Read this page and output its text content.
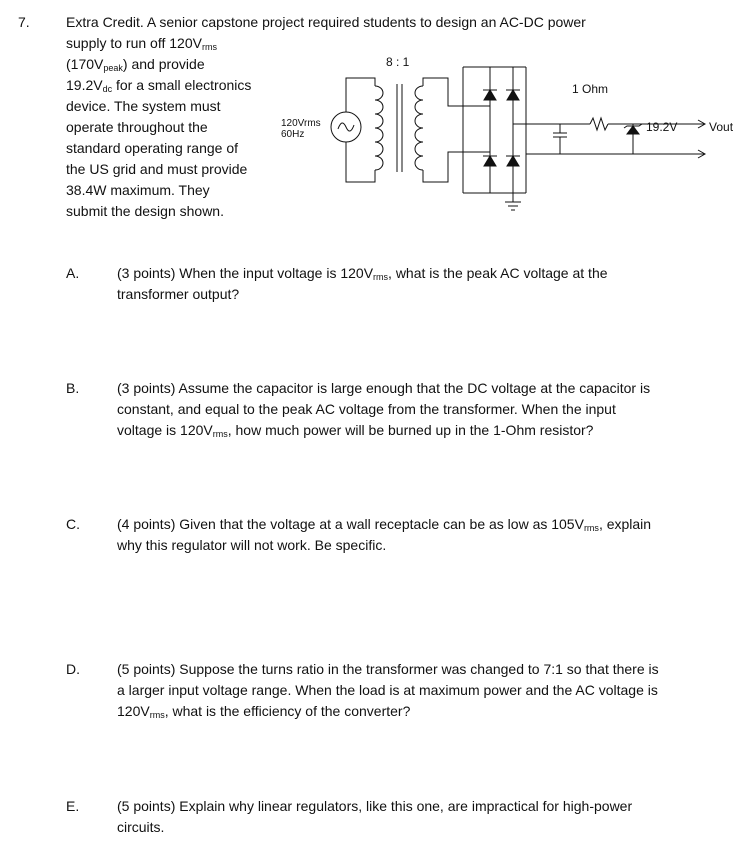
7.	Extra Credit. A senior capstone project required students to design an AC-DC power
supply to run off $120V_{rms}$
$(170V_{peak})$ and provide
$19.2V_{dc}$ for a small electronics
device. The system must
operate throughout the
standard operating range of
the US grid and must provide
38.4W maximum. They
submit the design shown.
120Vrms
60Hz
8 : 1
1 Ohm
19.2V	Vout
A.	(3 points) When the input voltage is $120V_{rms}$, what is the peak AC voltage at the
transformer output?
B.	(3 points) Assume the capacitor is large enough that the DC voltage at the capacitor is
constant, and equal to the peak AC voltage from the transformer. When the input
voltage is $120V_{rms}$, how much power will be burned up in the 1-Ohm resistor?
C.	(4 points) Given that the voltage at a wall receptacle can be as low as $105V_{rms}$, explain
why this regulator will not work. Be specific.
D.	(5 points) Suppose the turns ratio in the transformer was changed to 7:1 so that there is
a larger input voltage range. When the load is at maximum power and the AC voltage is
$120V_{rms}$, what is the efficiency of the converter?
E.	(5 points) Explain why linear regulators, like this one, are impractical for high-power
circuits.
